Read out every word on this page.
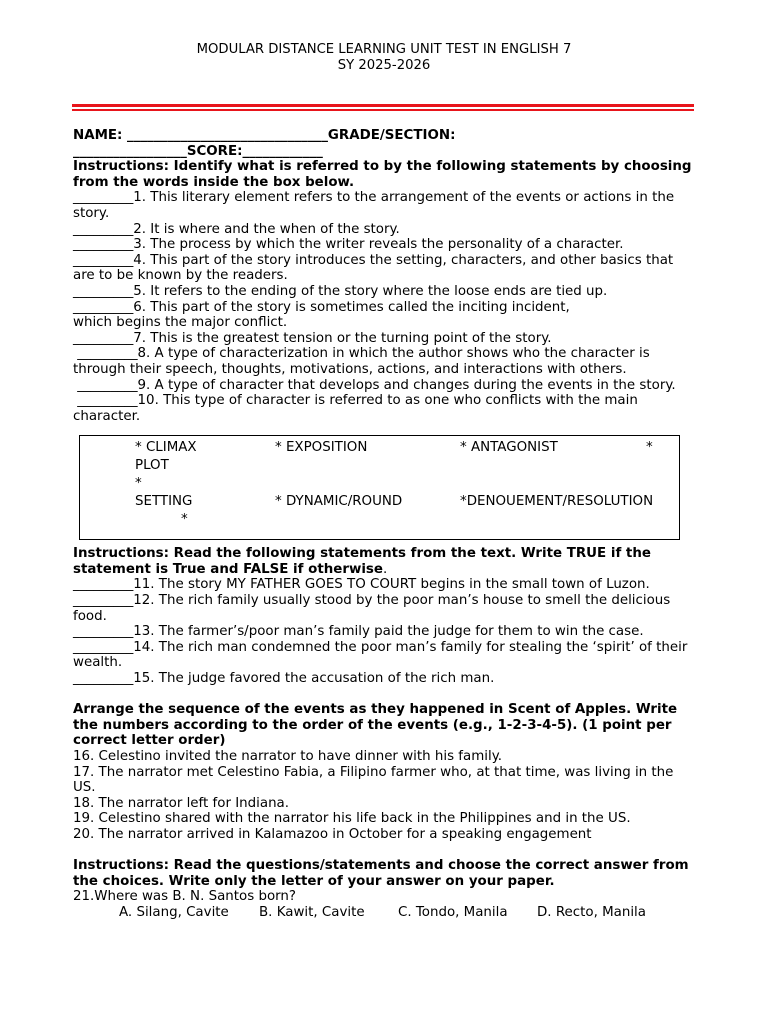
MODULAR DISTANCE LEARNING UNIT TEST IN ENGLISH 7
SY 2025-2026

NAME: ______________________________GRADE/SECTION:

_________________SCORE:____________

Instructions: Identify what is referred to by the following statements by choosing from the words inside the box below.

_________1. This literary element refers to the arrangement of the events or actions in the story.

_________2. It is where and the when of the story.

_________3. The process by which the writer reveals the personality of a character.

_________4. This part of the story introduces the setting, characters, and other basics that are to be known by the readers.

_________5. It refers to the ending of the story where the loose ends are tied up.

_________6. This part of the story is sometimes called the inciting incident,

which begins the major conflict.

_________7. This is the greatest tension or the turning point of the story.

_________8. A type of characterization in which the author shows who the character is through their speech, thoughts, motivations, actions, and interactions with others.

_________9. A type of character that develops and changes during the events in the story.

_________10. This type of character is referred to as one who conflicts with the main character.

* CLIMAX	* EXPOSITION	* ANTAGONIST	*
PLOT
*
SETTING	* DYNAMIC/ROUND	*DENOUEMENT/RESOLUTION
*

Instructions: Read the following statements from the text. Write TRUE if the statement is True and FALSE if otherwise.

_________11. The story MY FATHER GOES TO COURT begins in the small town of Luzon.

_________12. The rich family usually stood by the poor man’s house to smell the delicious food.

_________13. The farmer’s/poor man’s family paid the judge for them to win the case.

_________14. The rich man condemned the poor man’s family for stealing the ‘spirit’ of their wealth.

_________15. The judge favored the accusation of the rich man.

Arrange the sequence of the events as they happened in Scent of Apples. Write the numbers according to the order of the events (e.g., 1-2-3-4-5). (1 point per correct letter order)

16. Celestino invited the narrator to have dinner with his family.

17. The narrator met Celestino Fabia, a Filipino farmer who, at that time, was living in the US.

18. The narrator left for Indiana.

19. Celestino shared with the narrator his life back in the Philippines and in the US.

20. The narrator arrived in Kalamazoo in October for a speaking engagement

Instructions: Read the questions/statements and choose the correct answer from the choices. Write only the letter of your answer on your paper.

21.Where was B. N. Santos born?

A. Silang, Cavite B. Kawit, Cavite C. Tondo, Manila D. Recto, Manila
